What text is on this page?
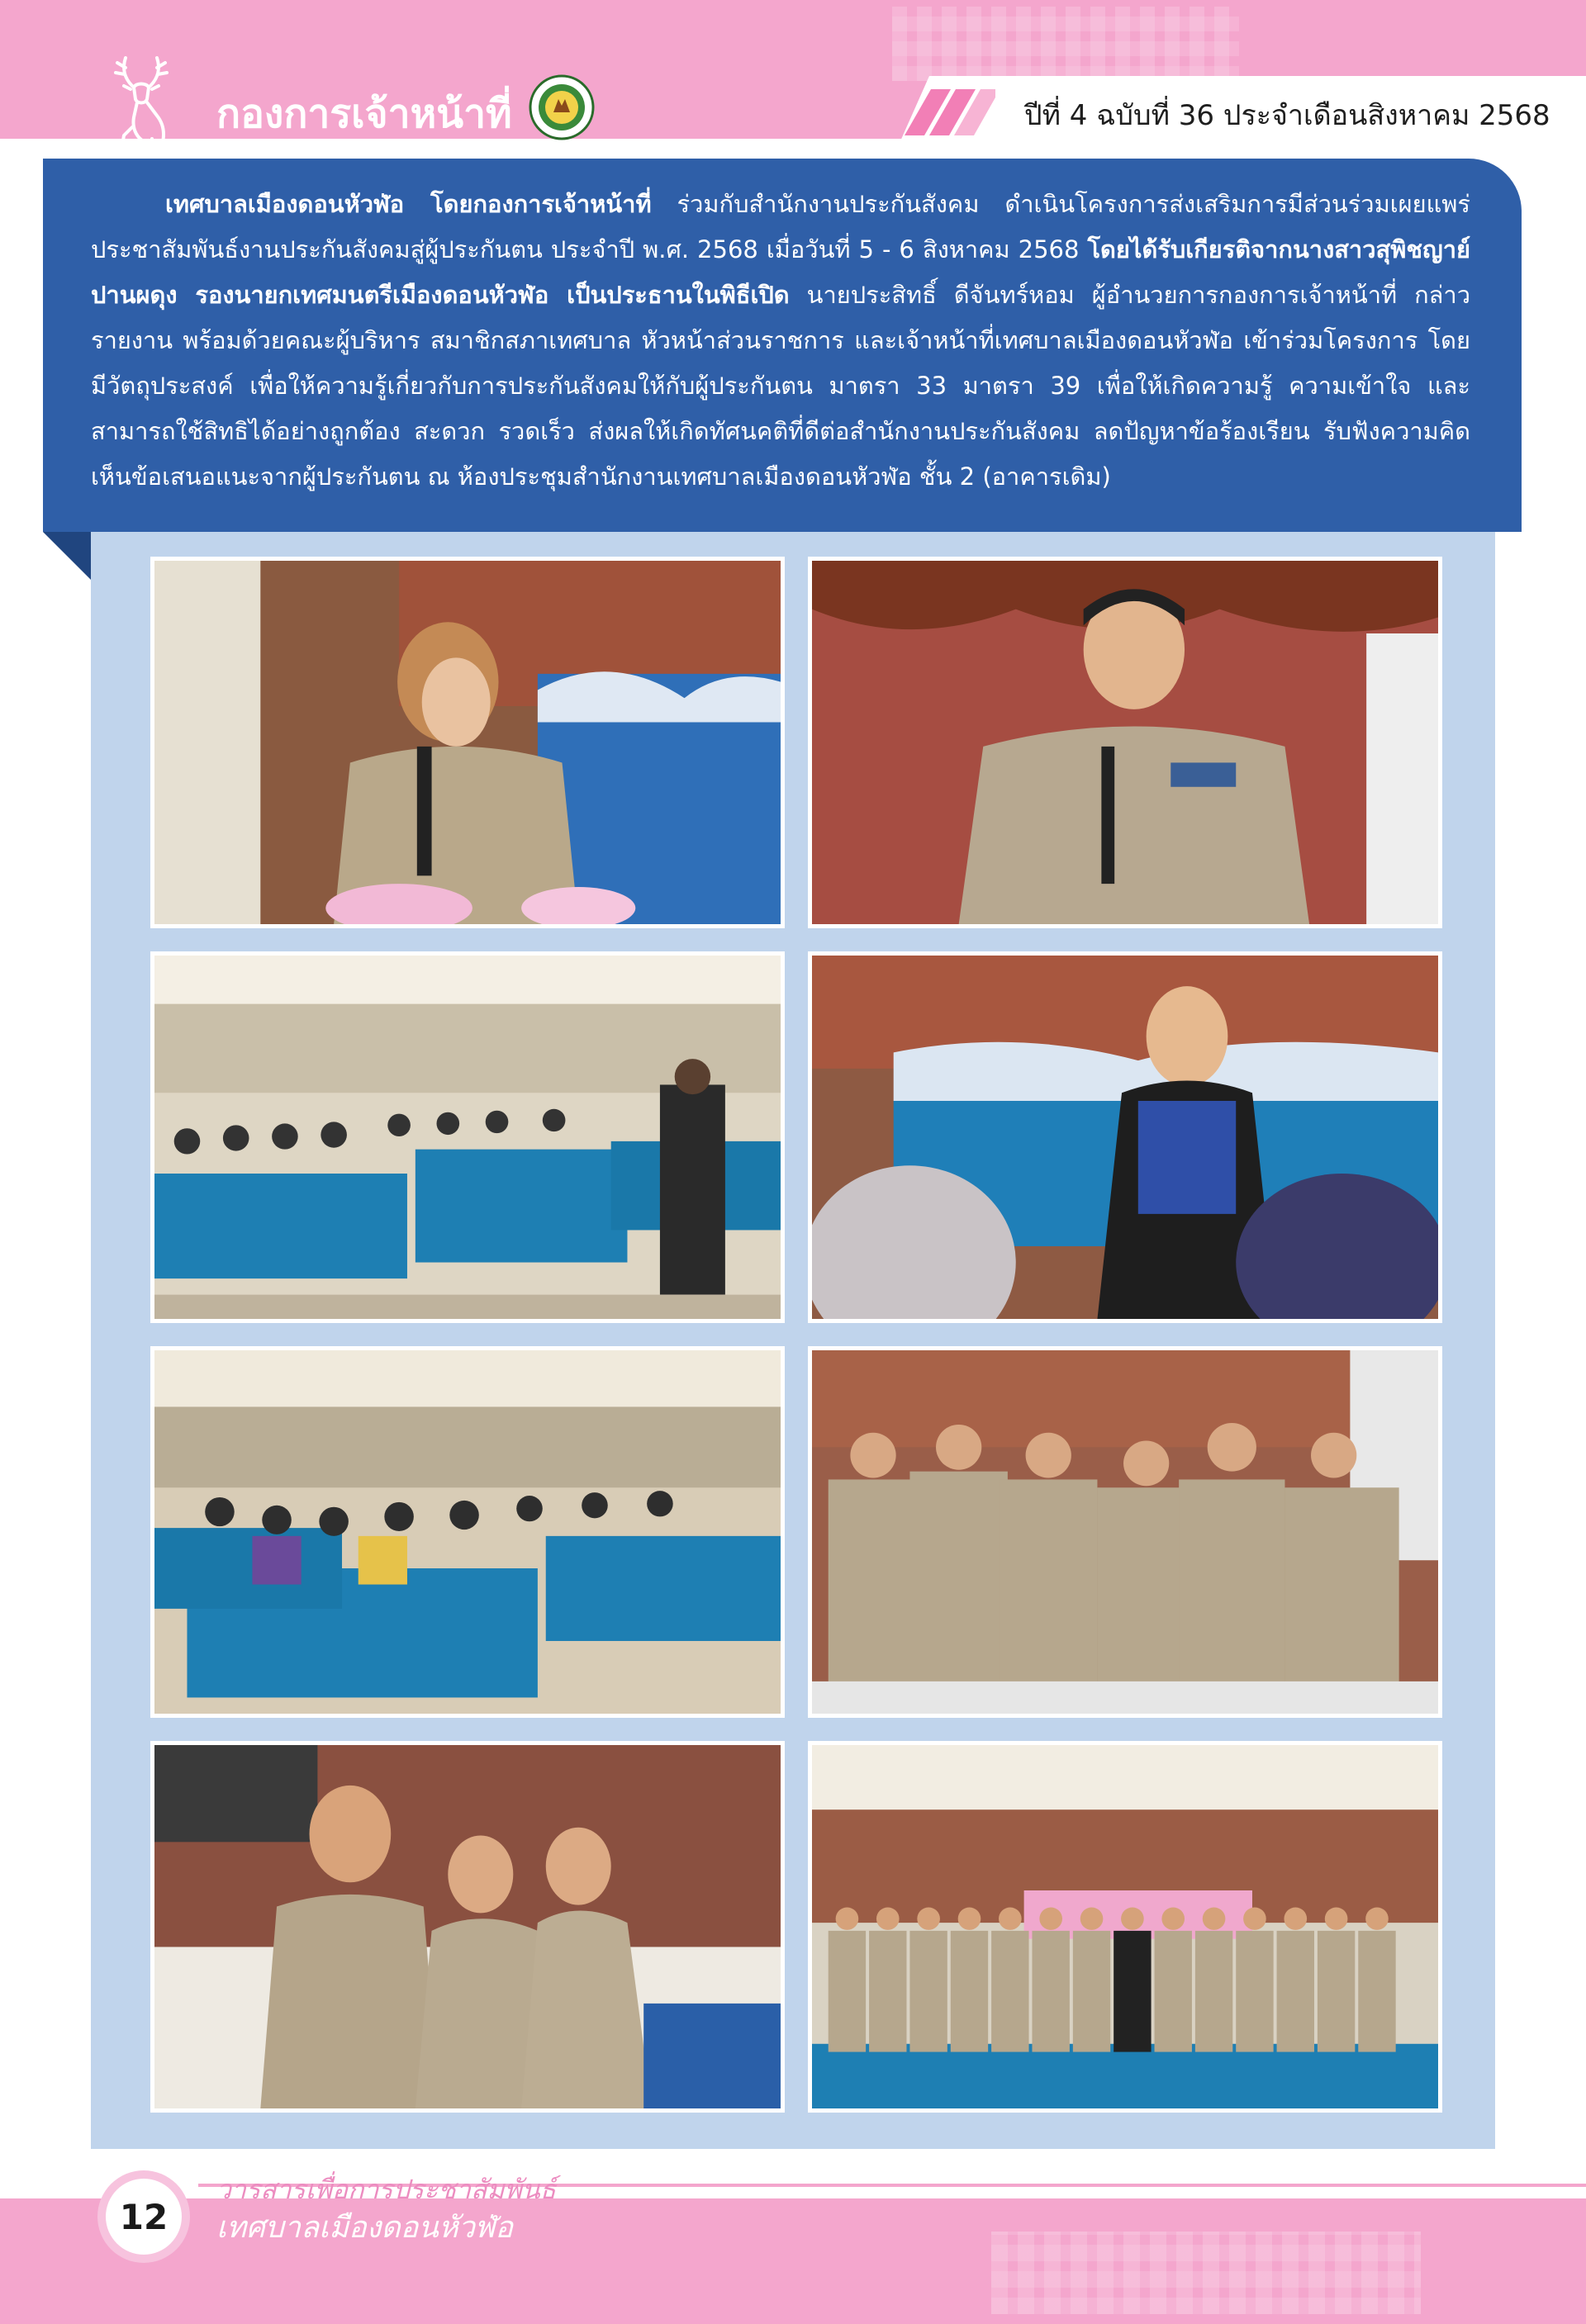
ปีที่ 4 ฉบับที่ 36 ประจำเดือนสิงหาคม 2568
กองการเจ้าหน้าที่
เทศบาลเมืองดอนหัวฬ่อ โดยกองการเจ้าหน้าที่ ร่วมกับสำนักงานประกันสังคม ดำเนินโครงการส่งเสริมการมีส่วนร่วมเผยแพร่ประชาสัมพันธ์งานประกันสังคมสู่ผู้ประกันตน ประจำปี พ.ศ. 2568 เมื่อวันที่ 5 - 6 สิงหาคม 2568 โดยได้รับเกียรติจากนางสาวสุพิชญาย์ ปานผดุง รองนายกเทศมนตรีเมืองดอนหัวฬ่อ เป็นประธานในพิธีเปิด นายประสิทธิ์ ดีจันทร์หอม ผู้อำนวยการกองการเจ้าหน้าที่ กล่าวรายงาน พร้อมด้วยคณะผู้บริหาร สมาชิกสภาเทศบาล หัวหน้าส่วนราชการ และเจ้าหน้าที่เทศบาลเมืองดอนหัวฬ่อ เข้าร่วมโครงการ โดยมีวัตถุประสงค์ เพื่อให้ความรู้เกี่ยวกับการประกันสังคมให้กับผู้ประกันตน มาตรา 33 มาตรา 39 เพื่อให้เกิดความรู้ ความเข้าใจ และสามารถใช้สิทธิได้อย่างถูกต้อง สะดวก รวดเร็ว ส่งผลให้เกิดทัศนคติที่ดีต่อสำนักงานประกันสังคม ลดปัญหาข้อร้องเรียน รับฟังความคิดเห็นข้อเสนอแนะจากผู้ประกันตน ณ ห้องประชุมสำนักงานเทศบาลเมืองดอนหัวฬ่อ ชั้น 2 (อาคารเดิม)
12
วารสารเพื่อการประชาสัมพันธ์
เทศบาลเมืองดอนหัวฬ่อ
